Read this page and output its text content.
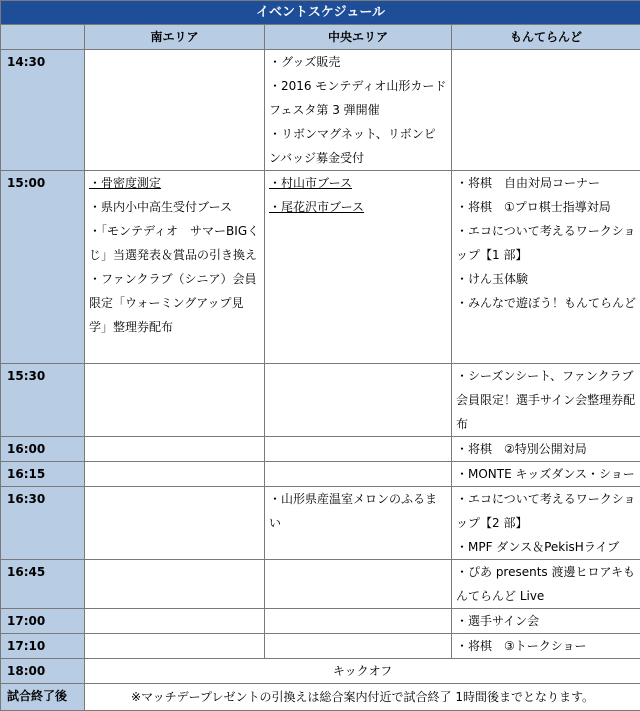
イベントスケジュール			
	南エリア	中央エリア	もんてらんど
14:30		・グッズ販売
・2016 モンテディオ山形カードフェスタ第 3 弾開催
・リボンマグネット、リボンピンバッジ募金受付	

15:00	・骨密度測定
・県内小中高生受付ブース
・「モンテディオ　サマーBIGくじ」当選発表＆賞品の引き換え
・ファンクラブ（シニア）会員限定「ウォーミングアップ見学」整理券配布	・村山市ブース
・尾花沢市ブース	・将棋　自由対局コーナー
・将棋　①プロ棋士指導対局
・エコについて考えるワークショップ【1 部】
・けん玉体験
・みんなで遊ぼう！もんてらんど

15:30			・シーズンシート、ファンクラブ会員限定！選手サイン会整理券配布

16:00			・将棋　②特別公開対局

16:15			・MONTE キッズダンス・ショー

16:30		・山形県産温室メロンのふるまい	・エコについて考えるワークショップ【2 部】
・MPF ダンス＆PekisHライブ

16:45			・ぴあ presents 渡邊ヒロアキもんてらんど Live

17:00			・選手サイン会

17:10			・将棋　③トークショー

18:00	キックオフ		
試合終了後	※マッチデープレゼントの引換えは総合案内付近で試合終了 1時間後までとなります。		
